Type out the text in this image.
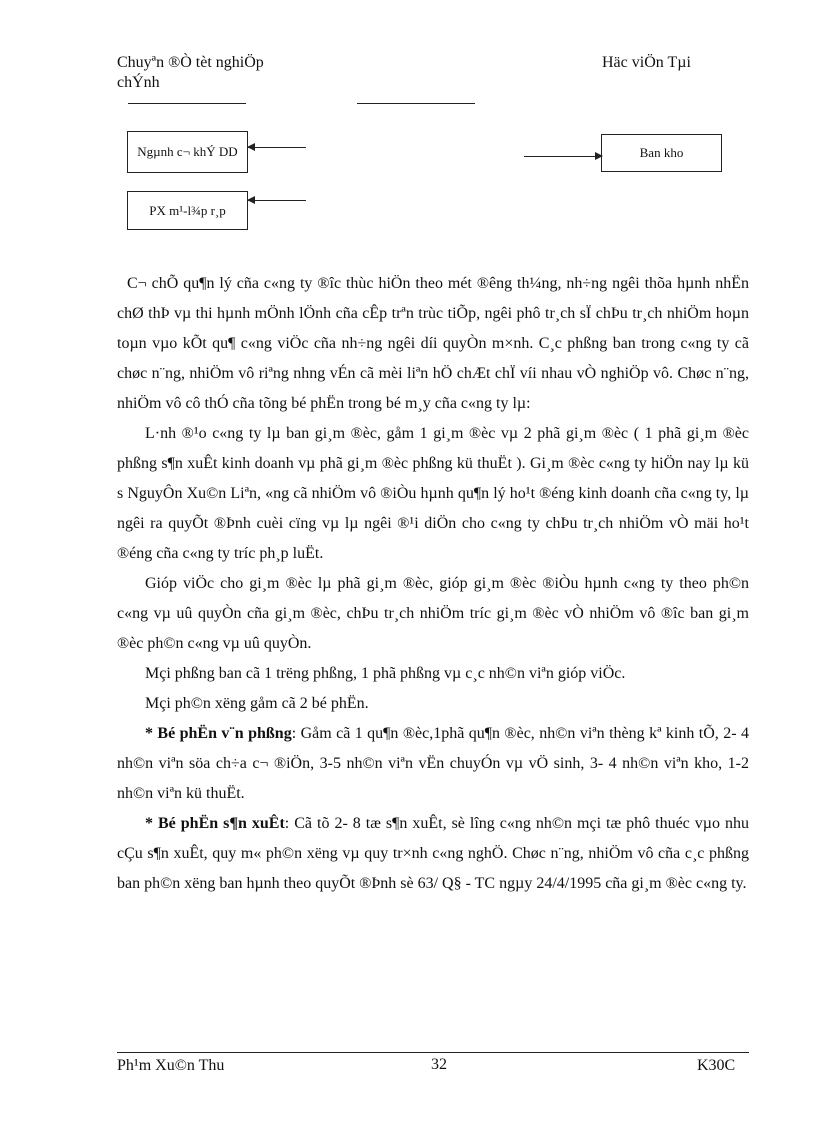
Chuyªn ®Ò tèt nghiÖp
chÝnh
Häc viÖn Tµi
Ngµnh c¬ khÝ DD
PX m¹-l¾p r¸p
Ban kho

C¬ chÕ qu¶n lý cña c«ng ty ®îc thùc hiÖn theo mét ®êng th¼ng, nh÷ng ngêi thõa hµnh nhËn chØ thÞ vµ thi hµnh mÖnh lÖnh cña cÊp trªn trùc tiÕp, ngêi phô tr¸ch sÏ chÞu tr¸ch nhiÖm hoµn toµn vµo kÕt qu¶ c«ng viÖc cña nh÷ng ngêi díi quyÒn m×nh. C¸c phßng ban trong c«ng ty cã chøc n¨ng, nhiÖm vô riªng nhng vÉn cã mèi liªn hÖ chÆt chÏ víi nhau vÒ nghiÖp vô. Chøc n¨ng, nhiÖm vô cô thÓ cña tõng bé phËn trong bé m¸y cña c«ng ty lµ:

L·nh ®¹o c«ng ty lµ ban gi¸m ®èc, gåm 1 gi¸m ®èc vµ 2 phã gi¸m ®èc ( 1 phã gi¸m ®èc phßng s¶n xuÊt kinh doanh vµ phã gi¸m ®èc phßng kü thuËt ). Gi¸m ®èc c«ng ty hiÖn nay lµ kü s NguyÔn Xu©n Liªn, «ng cã nhiÖm vô ®iÒu hµnh qu¶n lý ho¹t ®éng kinh doanh cña c«ng ty, lµ ngêi ra quyÕt ®Þnh cuèi cïng vµ lµ ngêi ®¹i diÖn cho c«ng ty chÞu tr¸ch nhiÖm vÒ mäi ho¹t ®éng cña c«ng ty tríc ph¸p luËt.

Gióp viÖc cho gi¸m ®èc lµ phã gi¸m ®èc, gióp gi¸m ®èc ®iÒu hµnh c«ng ty theo ph©n c«ng vµ uû quyÒn cña gi¸m ®èc, chÞu tr¸ch nhiÖm tríc gi¸m ®èc vÒ nhiÖm vô ®îc ban gi¸m ®èc ph©n c«ng vµ uû quyÒn.

Mçi phßng ban cã 1 trëng phßng, 1 phã phßng vµ c¸c nh©n viªn gióp viÖc.

Mçi ph©n xëng gåm cã 2 bé phËn.

* Bé phËn v¨n phßng: Gåm cã 1 qu¶n ®èc,1phã qu¶n ®èc, nh©n viªn thèng kª kinh tÕ, 2- 4 nh©n viªn söa ch÷a c¬ ®iÖn, 3-5 nh©n viªn vËn chuyÓn vµ vÖ sinh, 3- 4 nh©n viªn kho, 1-2 nh©n viªn kü thuËt.

* Bé phËn s¶n xuÊt: Cã tõ 2- 8 tæ s¶n xuÊt, sè lîng c«ng nh©n mçi tæ phô thuéc vµo nhu cÇu s¶n xuÊt, quy m« ph©n xëng vµ quy tr×nh c«ng nghÖ. Chøc n¨ng, nhiÖm vô cña c¸c phßng ban ph©n xëng ban hµnh theo quyÕt ®Þnh sè 63/ Q§ - TC ngµy 24/4/1995 cña gi¸m ®èc c«ng ty.

Ph¹m Xu©n Thu	32	K30C
